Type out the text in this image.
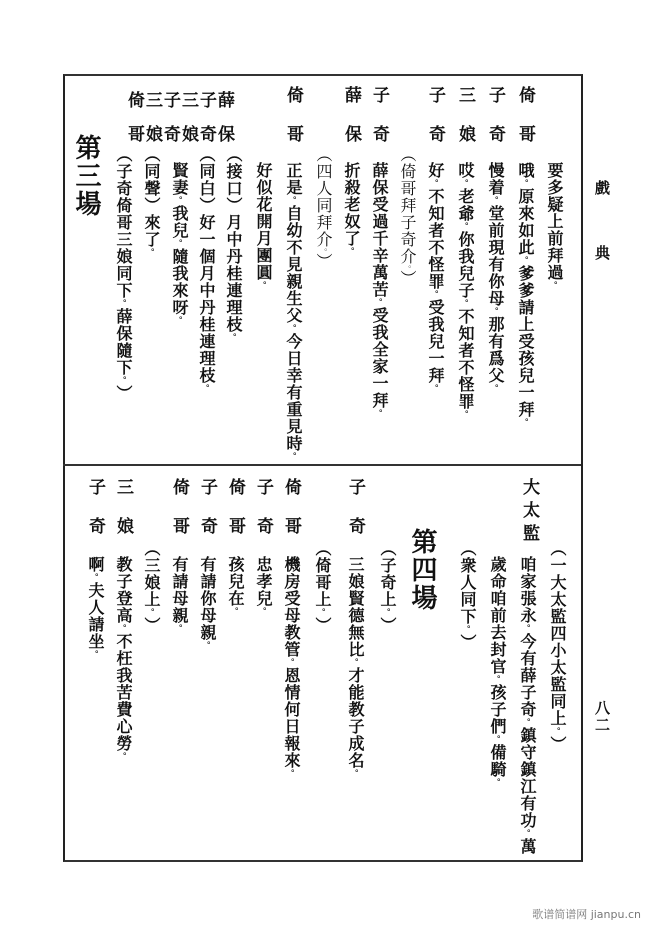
戲典
八二
要多疑上前拜過。
倚哥
哦。原來如此。爹爹請上受孩兒一拜。
子奇
慢着。堂前現有你母。那有爲父。
三娘
哎。老爺。你我兒子。不知者不怪罪。
子奇
好。不知者不怪罪。受我兒一拜。
（倚哥拜子奇介。）
子奇
薛保受過千辛萬苦。受我全家一拜。
薛保
折殺老奴了。
（四人同拜介。）
倚哥
正是。自幼不見親生父。今日幸有重見時。
好似花開月團圓。
倚三子三子薛
哥娘奇娘奇保
（接口）月中丹桂連理枝。
（同白）好一個月中丹桂連理枝。
賢妻。我兒。隨我來呀。
（同聲）來了。
（子奇倚哥三娘同下。薛保隨下。）
第三場
大太監
（一大太監四小太監同上。）
咱家張永。今有薛子奇。鎮守鎮江有功。萬
歲命咱前去封官。孩子們。備騎。
（衆人同下。）
第四場
（子奇上。）
子奇
三娘賢德無比。才能教子成名。
（倚哥上。）
倚哥
機房受母教管。恩情何日報來。
子奇
忠孝兒。
倚哥
孩兒在。
子奇
有請你母親。
倚哥
有請母親。
（三娘上。）
三娘
教子登高。不枉我苦費心勞。
子奇
啊。夫人請坐。
歌谱简谱网 jianpu.cn
